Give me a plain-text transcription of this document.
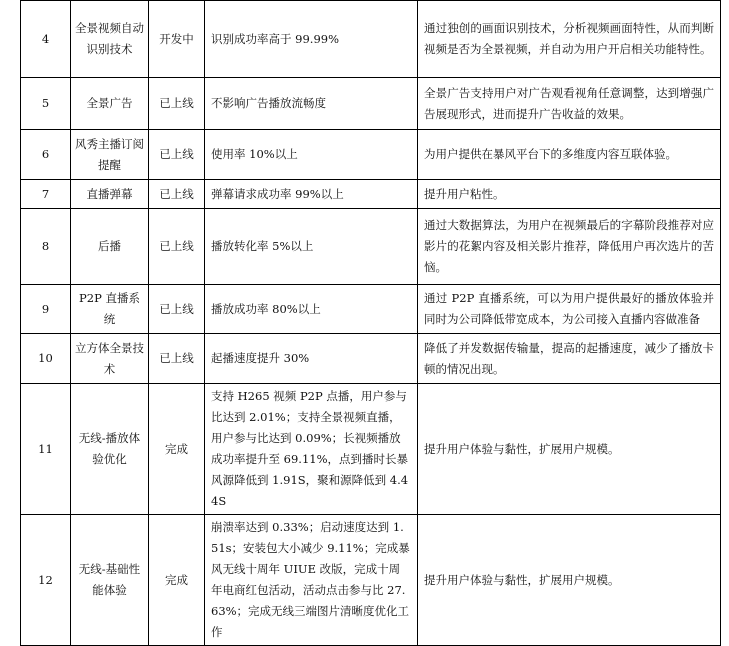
4	全景视频自动识别技术	开发中	识别成功率高于 99.99%	通过独创的画面识别技术，分析视频画面特性，从而判断视频是否为全景视频，并自动为用户开启相关功能特性。
5	全景广告	已上线	不影响广告播放流畅度	全景广告支持用户对广告观看视角任意调整，达到增强广告展现形式，进而提升广告收益的效果。
6	风秀主播订阅提醒	已上线	使用率 10%以上	为用户提供在暴风平台下的多维度内容互联体验。
7	直播弹幕	已上线	弹幕请求成功率 99%以上	提升用户粘性。
8	后播	已上线	播放转化率 5%以上	通过大数据算法，为用户在视频最后的字幕阶段推荐对应影片的花絮内容及相关影片推荐，降低用户再次选片的苦恼。
9	P2P 直播系统	已上线	播放成功率 80%以上	通过 P2P 直播系统，可以为用户提供最好的播放体验并同时为公司降低带宽成本，为公司接入直播内容做准备
10	立方体全景技术	已上线	起播速度提升 30%	降低了并发数据传输量，提高的起播速度，减少了播放卡顿的情况出现。
11	无线-播放体验优化	完成	支持 H265 视频 P2P 点播，用户参与比达到 2.01%；支持全景视频直播，用户参与比达到 0.09%；长视频播放成功率提升至 69.11%，点到播时长暴风源降低到 1.91S，聚和源降低到 4.44S	提升用户体验与黏性，扩展用户规模。
12	无线-基础性能体验	完成	崩溃率达到 0.33%；启动速度达到 1.51s；安装包大小减少 9.11%；完成暴风无线十周年 UIUE 改版，完成十周年电商红包活动，活动点击参与比 27.63%；完成无线三端图片清晰度优化工作	提升用户体验与黏性，扩展用户规模。
